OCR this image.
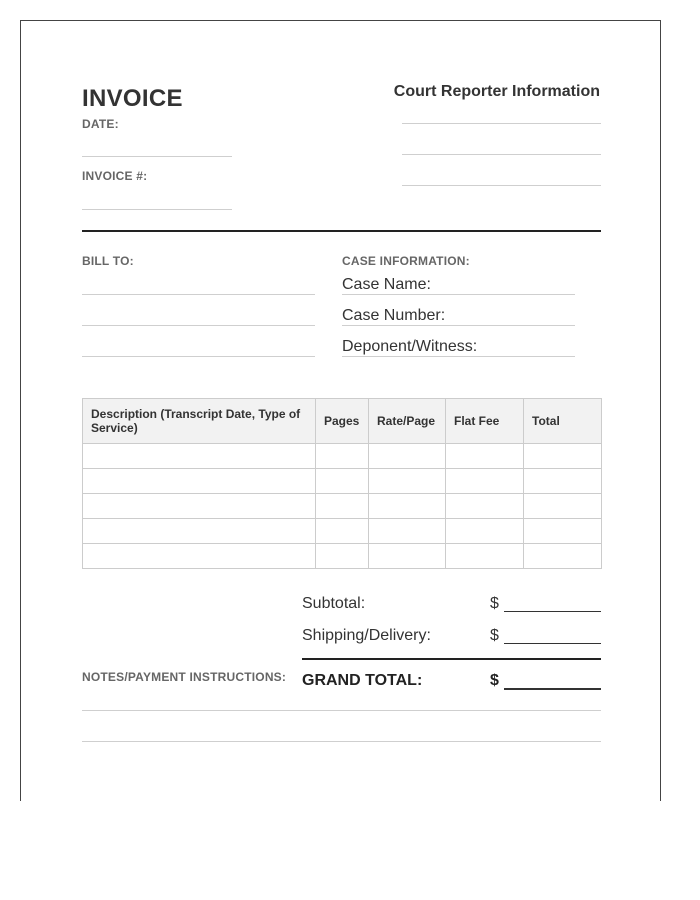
INVOICE
DATE:
INVOICE #:
Court Reporter Information
BILL TO:	CASE INFORMATION:
Case Name:
Case Number:
Deponent/Witness:
Description (Transcript Date, Type of Service)	Pages	Rate/Page	Flat Fee	Total

Subtotal:	$
Shipping/Delivery:	$
GRAND TOTAL:	$
NOTES/PAYMENT INSTRUCTIONS:
